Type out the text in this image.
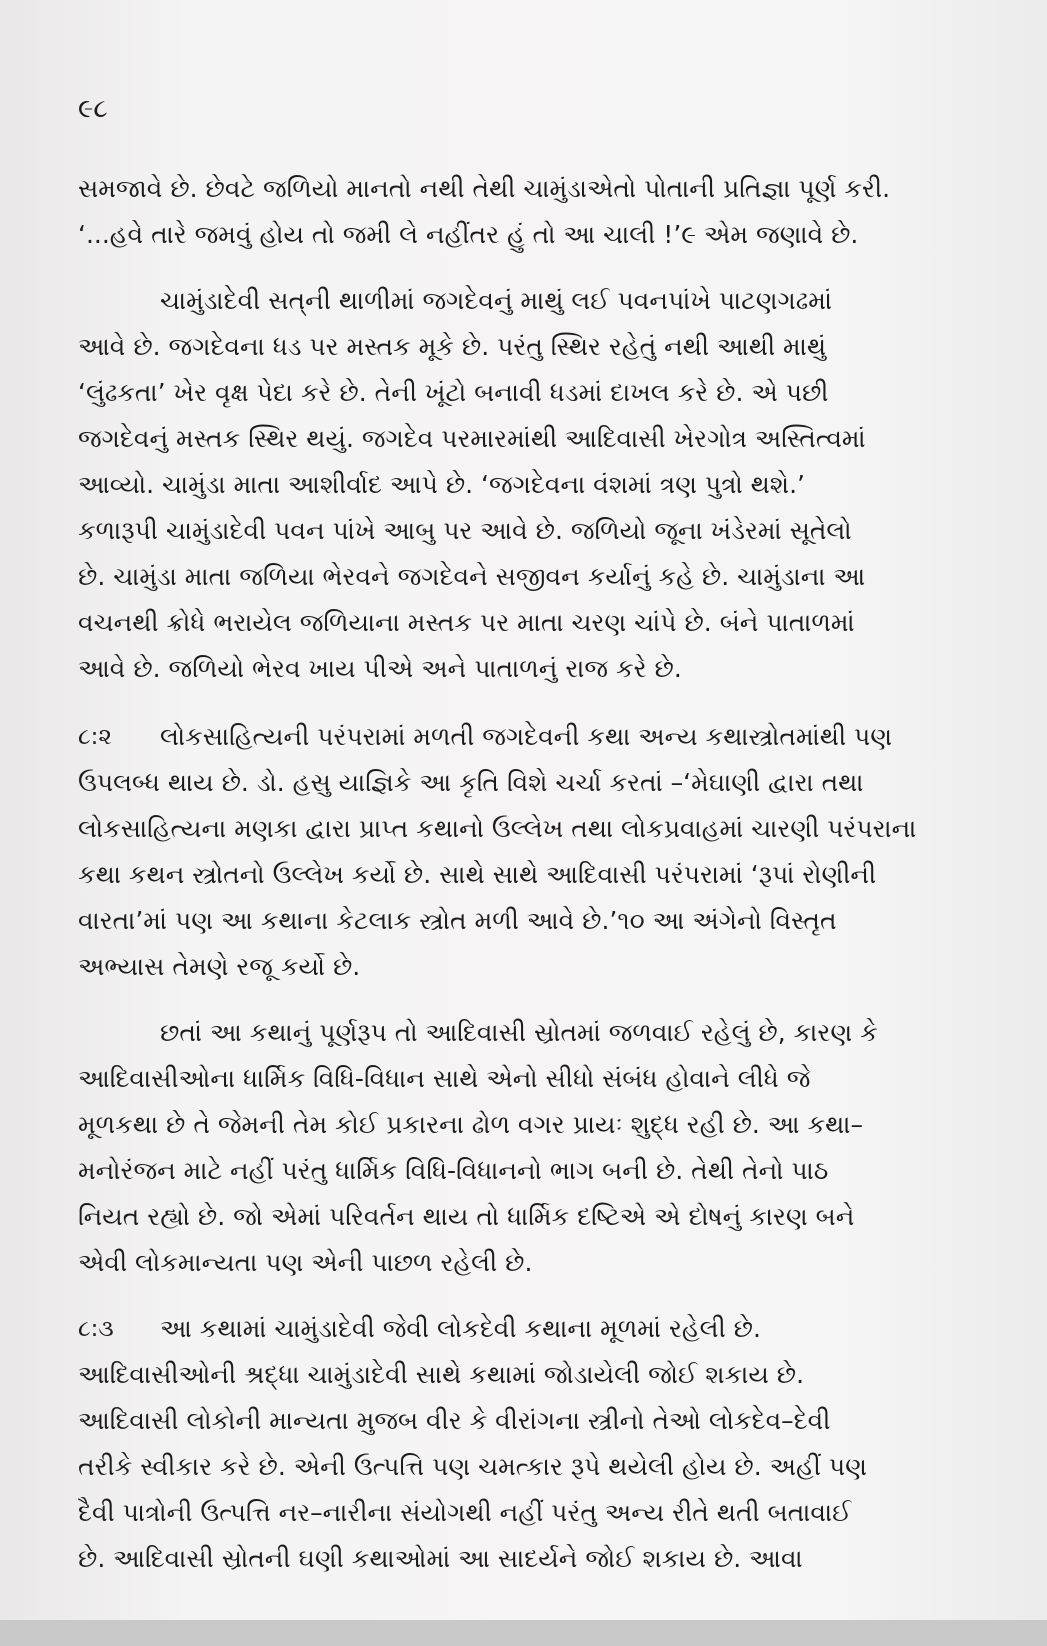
૯૮
સમજાવે છે. છેવટે જળિયો માનતો નથી તેથી ચામુંડાએતો પોતાની પ્રતિજ્ઞા પૂર્ણ કરી.
‘...હવે તારે જમવું હોય તો જમી લે નહીંતર હું તો આ ચાલી !’૯ એમ જણાવે છે.
ચામુંડાદેવી સત્‌ની થાળીમાં જગદેવનું માથું લઈ પવનપાંખે પાટણગઢમાં
આવે છે. જગદેવના ધડ પર મસ્તક મૂકે છે. પરંતુ સ્થિર રહેતું નથી આથી માથું
‘લુંઢકતા’ ખેર વૃક્ષ પેદા કરે છે. તેની ખૂંટો બનાવી ધડમાં દાખલ કરે છે. એ પછી
જગદેવનું મસ્તક સ્થિર થયું. જગદેવ પરમારમાંથી આદિવાસી ખેરગોત્ર અસ્તિત્વમાં
આવ્યો. ચામુંડા માતા આશીર્વાદ આપે છે. ‘જગદેવના વંશમાં ત્રણ પુત્રો થશે.’
કળારૂપી ચામુંડાદેવી પવન પાંખે આબુ પર આવે છે. જળિયો જૂના ખંડેરમાં સૂતેલો
છે. ચામુંડા માતા જળિયા ભેરવને જગદેવને સજીવન કર્યાનું કહે છે. ચામુંડાના આ
વચનથી ક્રોધે ભરાયેલ જળિયાના મસ્તક પર માતા ચરણ ચાંપે છે. બંને પાતાળમાં
આવે છે. જળિયો ભેરવ ખાય પીએ અને પાતાળનું રાજ કરે છે.
૮:૨ લોકસાહિત્યની પરંપરામાં મળતી જગદેવની કથા અન્ય કથાસ્ત્રોતમાંથી પણ
ઉપલબ્ધ થાય છે. ડો. હસુ યાજ્ઞિકે આ કૃતિ વિશે ચર્ચા કરતાં –‘મેઘાણી દ્વારા તથા
લોકસાહિત્યના મણકા દ્વારા પ્રાપ્ત કથાનો ઉલ્લેખ તથા લોકપ્રવાહમાં ચારણી પરંપરાના
કથા કથન સ્ત્રોતનો ઉલ્લેખ કર્યો છે. સાથે સાથે આદિવાસી પરંપરામાં ‘રૂપાં રોણીની
વારતા’માં પણ આ કથાના કેટલાક સ્ત્રોત મળી આવે છે.’૧૦ આ અંગેનો વિસ્તૃત
અભ્યાસ તેમણે રજૂ કર્યો છે.
છતાં આ કથાનું પૂર્ણરૂપ તો આદિવાસી સ્રોતમાં જળવાઈ રહેલું છે, કારણ કે
આદિવાસીઓના ધાર્મિક વિધિ-વિધાન સાથે એનો સીધો સંબંધ હોવાને લીધે જે
મૂળકથા છે તે જેમની તેમ કોઈ પ્રકારના ઢોળ વગર પ્રાયઃ શુદ્ધ રહી છે. આ કથા–
મનોરંજન માટે નહીં પરંતુ ધાર્મિક વિધિ-વિધાનનો ભાગ બની છે. તેથી તેનો પાઠ
નિયત રહ્યો છે. જો એમાં પરિવર્તન થાય તો ધાર્મિક દષ્ટિએ એ દોષનું કારણ બને
એવી લોકમાન્યતા પણ એની પાછળ રહેલી છે.
૮:૩ આ કથામાં ચામુંડાદેવી જેવી લોકદેવી કથાના મૂળમાં રહેલી છે.
આદિવાસીઓની શ્રદ્ધા ચામુંડાદેવી સાથે કથામાં જોડાયેલી જોઈ શકાય છે.
આદિવાસી લોકોની માન્યતા મુજબ વીર કે વીરાંગના સ્ત્રીનો તેઓ લોકદેવ–દેવી
તરીકે સ્વીકાર કરે છે. એની ઉત્પત્તિ પણ ચમત્કાર રૂપે થયેલી હોય છે. અહીં પણ
દૈવી પાત્રોની ઉત્પત્તિ નર–નારીના સંયોગથી નહીં પરંતુ અન્ય રીતે થતી બતાવાઈ
છે. આદિવાસી સ્રોતની ઘણી કથાઓમાં આ સાદર્યને જોઈ શકાય છે. આવા
